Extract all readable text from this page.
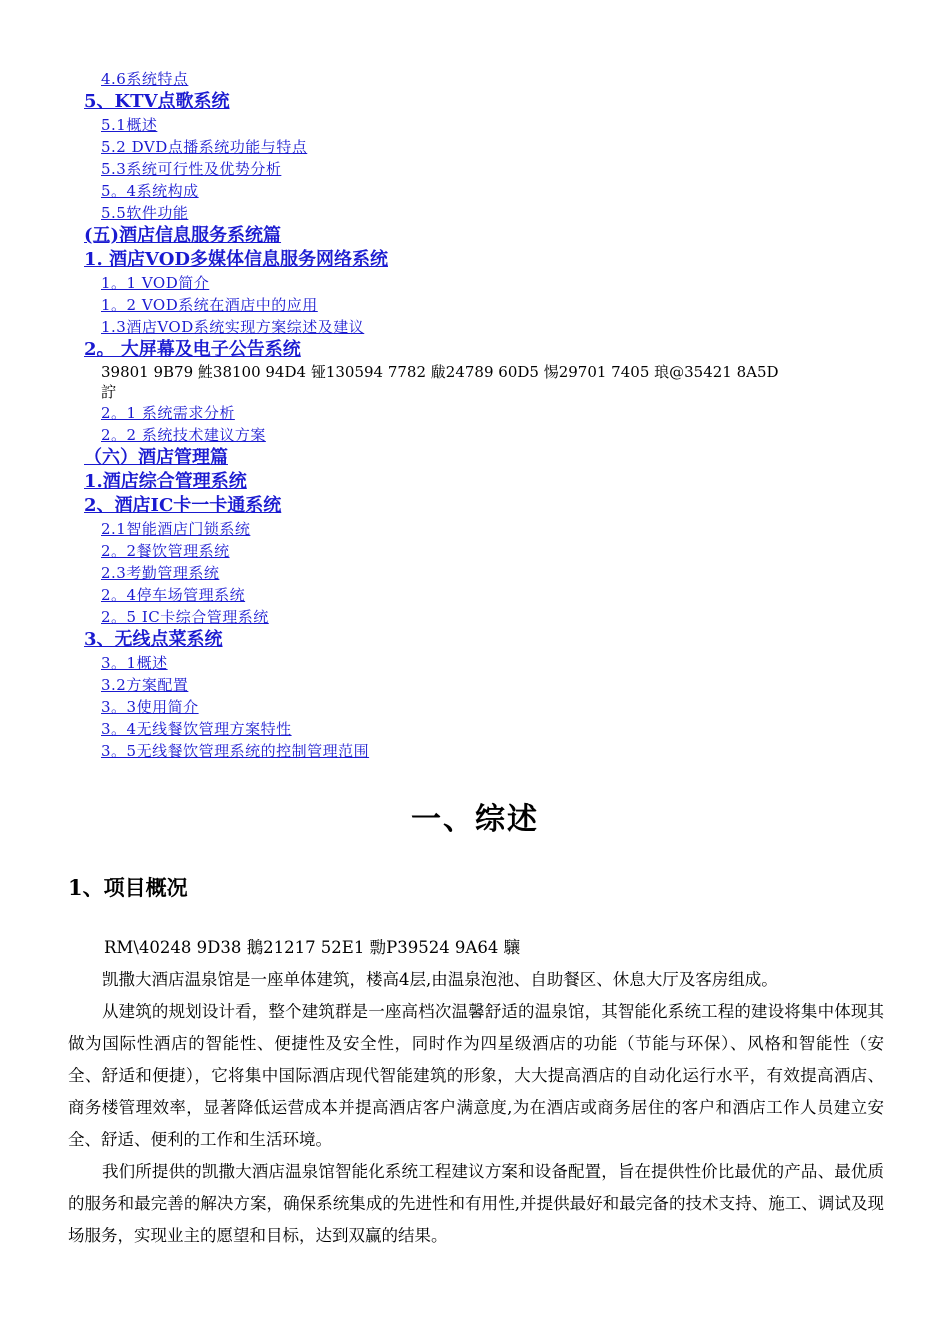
4.6系统特点
5、KTV点歌系统
5.1概述
5.2 DVD点播系统功能与特点
5.3系统可行性及优势分析
5。4系统构成
5.5软件功能
(五)酒店信息服务系统篇
1. 酒店VOD多媒体信息服务网络系统
1。1 VOD简介
1。2 VOD系统在酒店中的应用
1.3酒店VOD系统实现方案综述及建议
2。 大屏幕及电子公告系统
39801 9B79 鮏38100 94D4 铔130594 7782 瞂24789 60D5 惕29701 7405 琅@35421 8A5D
詝
2。1 系统需求分析
2。2 系统技术建议方案
（六）酒店管理篇
1.酒店综合管理系统
2、酒店IC卡一卡通系统
2.1智能酒店门锁系统
2。2餐饮管理系统
2.3考勤管理系统
2。4停车场管理系统
2。5 IC卡综合管理系统
3、无线点菜系统
3。1概述
3.2方案配置
3。3使用简介
3。4无线餐饮管理方案特性
3。5无线餐饮管理系统的控制管理范围
一、综述
1、项目概况

RM\40248 9D38 鵝21217 52E1 勡P39524 9A64 驤

凯撒大酒店温泉馆是一座单体建筑，楼高4层,由温泉泡池、自助餐区、休息大厅及客房组成。

从建筑的规划设计看，整个建筑群是一座高档次温馨舒适的温泉馆，其智能化系统工程的建设将集中体现其做为国际性酒店的智能性、便捷性及安全性，同时作为四星级酒店的功能（节能与环保）、风格和智能性（安全、舒适和便捷），它将集中国际酒店现代智能建筑的形象，大大提高酒店的自动化运行水平，有效提高酒店、商务楼管理效率，显著降低运营成本并提高酒店客户满意度,为在酒店或商务居住的客户和酒店工作人员建立安全、舒适、便利的工作和生活环境。

我们所提供的凯撒大酒店温泉馆智能化系统工程建议方案和设备配置，旨在提供性价比最优的产品、最优质的服务和最完善的解决方案，确保系统集成的先进性和有用性,并提供最好和最完备的技术支持、施工、调试及现场服务，实现业主的愿望和目标，达到双赢的结果。
